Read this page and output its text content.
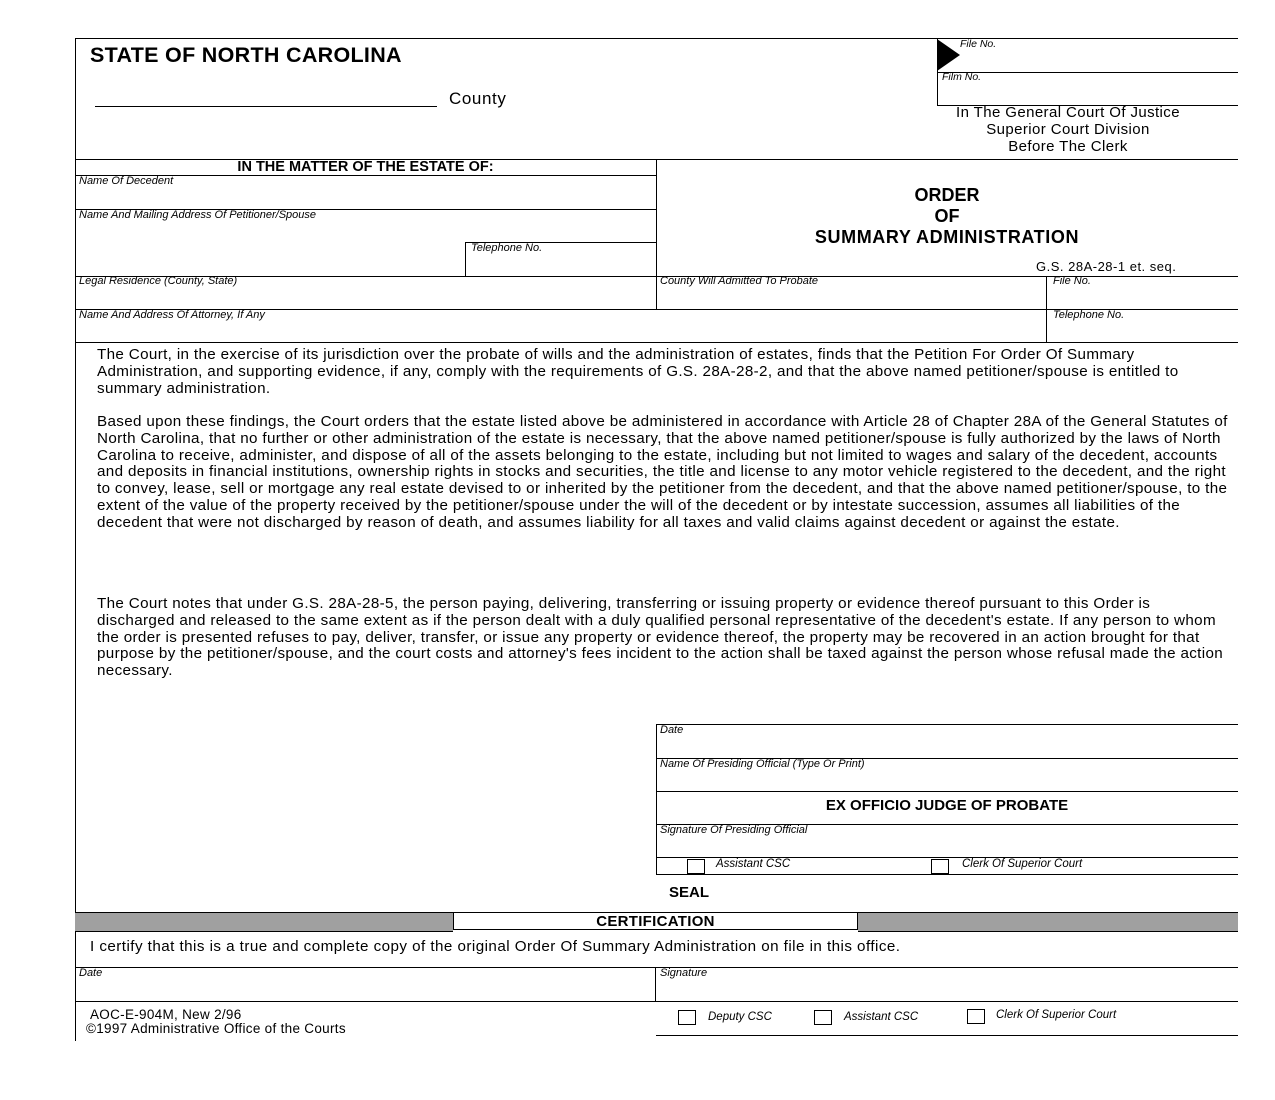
STATE OF NORTH CAROLINA
County
File No.
Film No.
In The General Court Of Justice
Superior Court Division
Before The Clerk
IN THE MATTER OF THE ESTATE OF:
Name Of Decedent
Name And Mailing Address Of Petitioner/Spouse
Telephone No.
ORDER
OF
SUMMARY ADMINISTRATION
G.S. 28A-28-1 et. seq.
Legal Residence (County, State)	County Will Admitted To Probate	File No.
Name And Address Of Attorney, If Any	Telephone No.

The Court, in the exercise of its jurisdiction over the probate of wills and the administration of estates, finds that the Petition For Order Of Summary Administration, and supporting evidence, if any, comply with the requirements of G.S. 28A-28-2, and that the above named petitioner/spouse is entitled to summary administration.

Based upon these findings, the Court orders that the estate listed above be administered in accordance with Article 28 of Chapter 28A of the General Statutes of North Carolina, that no further or other administration of the estate is necessary, that the above named petitioner/spouse is fully authorized by the laws of North Carolina to receive, administer, and dispose of all of the assets belonging to the estate, including but not limited to wages and salary of the decedent, accounts and deposits in financial institutions, ownership rights in stocks and securities, the title and license to any motor vehicle registered to the decedent, and the right to convey, lease, sell or mortgage any real estate devised to or inherited by the petitioner from the decedent, and that the above named petitioner/spouse, to the extent of the value of the property received by the petitioner/spouse under the will of the decedent or by intestate succession, assumes all liabilities of the decedent that were not discharged by reason of death, and assumes liability for all taxes and valid claims against decedent or against the estate.

The Court notes that under G.S. 28A-28-5, the person paying, delivering, transferring or issuing property or evidence thereof pursuant to this Order is discharged and released to the same extent as if the person dealt with a duly qualified personal representative of the decedent's estate. If any person to whom the order is presented refuses to pay, deliver, transfer, or issue any property or evidence thereof, the property may be recovered in an action brought for that purpose by the petitioner/spouse, and the court costs and attorney's fees incident to the action shall be taxed against the person whose refusal made the action necessary.

Date
Name Of Presiding Official (Type Or Print)
EX OFFICIO JUDGE OF PROBATE
Signature Of Presiding Official
Assistant CSC	Clerk Of Superior Court
SEAL
CERTIFICATION
I certify that this is a true and complete copy of the original Order Of Summary Administration on file in this office.
Date	Signature
Deputy CSC	Assistant CSC	Clerk Of Superior Court
AOC-E-904M, New 2/96
©1997 Administrative Office of the Courts
